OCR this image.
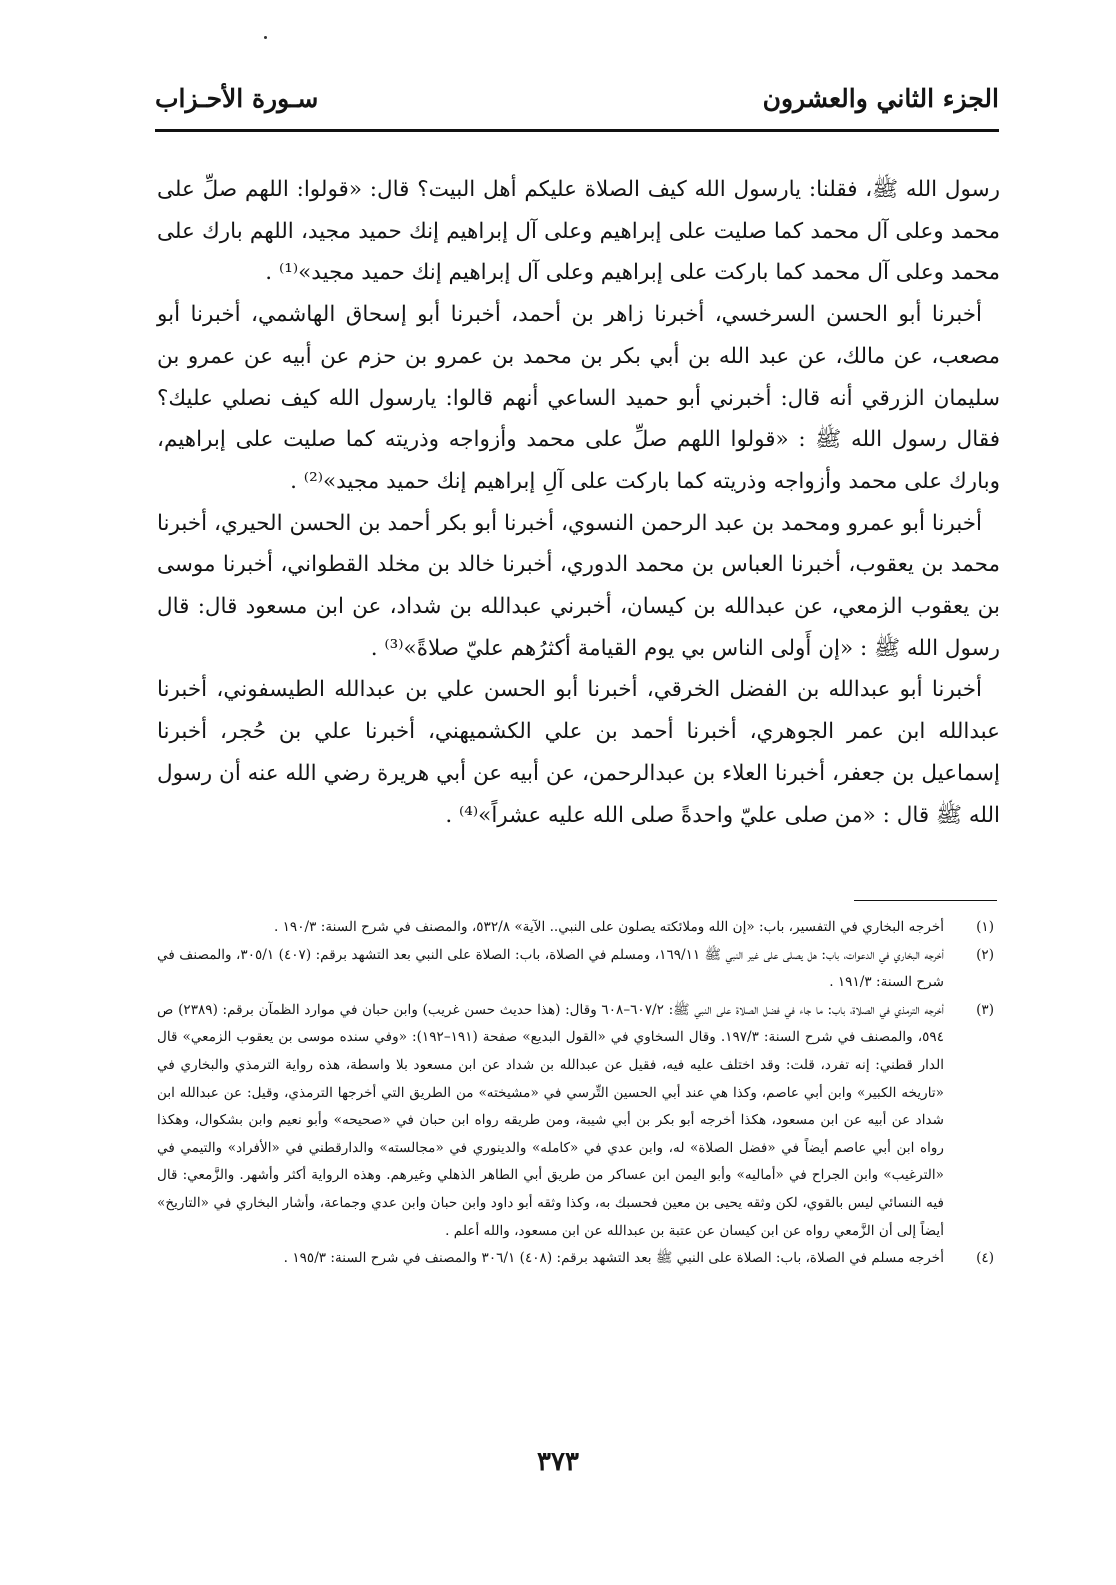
الجزء الثاني والعشرون
سـورة الأحـزاب

رسول الله ﷺ، فقلنا: يارسول الله كيف الصلاة عليكم أهل البيت؟ قال: «قولوا: اللهم صلِّ على محمد وعلى آل محمد كما صليت على إبراهيم وعلى آل إبراهيم إنك حميد مجيد، اللهم بارك على محمد وعلى آل محمد كما باركت على إبراهيم وعلى آل إبراهيم إنك حميد مجيد»⁽¹⁾ .

أخبرنا أبو الحسن السرخسي، أخبرنا زاهر بن أحمد، أخبرنا أبو إسحاق الهاشمي، أخبرنا أبو مصعب، عن مالك، عن عبد الله بن أبي بكر بن محمد بن عمرو بن حزم عن أبيه عن عمرو بن سليمان الزرقي أنه قال: أخبرني أبو حميد الساعي أنهم قالوا: يارسول الله كيف نصلي عليك؟ فقال رسول الله ﷺ : «قولوا اللهم صلِّ على محمد وأزواجه وذريته كما صليت على إبراهيم، وبارك على محمد وأزواجه وذريته كما باركت على آلِ إبراهيم إنك حميد مجيد»⁽²⁾ .

أخبرنا أبو عمرو ومحمد بن عبد الرحمن النسوي، أخبرنا أبو بكر أحمد بن الحسن الحيري، أخبرنا محمد بن يعقوب، أخبرنا العباس بن محمد الدوري، أخبرنا خالد بن مخلد القطواني، أخبرنا موسى بن يعقوب الزمعي، عن عبدالله بن كيسان، أخبرني عبدالله بن شداد، عن ابن مسعود قال: قال رسول الله ﷺ : «إن أَولى الناس بي يوم القيامة أكثرُهم عليّ صلاةً»⁽³⁾ .

أخبرنا أبو عبدالله بن الفضل الخرقي، أخبرنا أبو الحسن علي بن عبدالله الطيسفوني، أخبرنا عبدالله ابن عمر الجوهري، أخبرنا أحمد بن علي الكشميهني، أخبرنا علي بن حُجر، أخبرنا إسماعيل بن جعفر، أخبرنا العلاء بن عبدالرحمن، عن أبيه عن أبي هريرة رضي الله عنه أن رسول الله ﷺ قال : «من صلى عليّ واحدةً صلى الله عليه عشراً»⁽⁴⁾ .

(١)
أخرجه البخاري في التفسير، باب: «إن الله وملائكته يصلون على النبي.. الآية» ٥٣٢/٨، والمصنف في شرح السنة: ١٩٠/٣ .
(٢)
أخرجه البخاري في الدعوات، باب: هل يصلى على غير النبي ﷺ ١٦٩/١١، ومسلم في الصلاة، باب: الصلاة على النبي بعد التشهد برقم: (٤٠٧) ٣٠٥/١، والمصنف في شرح السنة: ١٩١/٣ .
(٣)
أخرجه الترمذي في الصلاة، باب: ما جاء في فضل الصلاة على النبي ﷺ: ٦٠٧/٢–٦٠٨ وقال: (هذا حديث حسن غريب) وابن حبان في موارد الظمآن برقم: (٢٣٨٩) ص ٥٩٤، والمصنف في شرح السنة: ١٩٧/٣. وقال السخاوي في «القول البديع» صفحة (١٩١–١٩٢): «وفي سنده موسى بن يعقوب الزمعي» قال الدار قطني: إنه تفرد، قلت: وقد اختلف عليه فيه، فقيل عن عبدالله بن شداد عن ابن مسعود بلا واسطة، هذه رواية الترمذي والبخاري في «تاريخه الكبير» وابن أبي عاصم، وكذا هي عند أبي الحسين التِّرسي في «مشيخته» من الطريق التي أخرجها الترمذي، وقيل: عن عبدالله ابن شداد عن أبيه عن ابن مسعود، هكذا أخرجه أبو بكر بن أبي شيبة، ومن طريقه رواه ابن حبان في «صحيحه» وأبو نعيم وابن بشكوال، وهكذا رواه ابن أبي عاصم أيضاً في «فضل الصلاة» له، وابن عدي في «كامله» والدينوري في «مجالسته» والدارقطني في «الأفراد» والتيمي في «الترغيب» وابن الجراح في «أماليه» وأبو اليمن ابن عساكر من طريق أبي الطاهر الذهلي وغيرهم. وهذه الرواية أكثر وأشهر. والزَّمعي: قال فيه النسائي ليس بالقوي، لكن وثقه يحيى بن معين فحسبك به، وكذا وثقه أبو داود وابن حبان وابن عدي وجماعة، وأشار البخاري في «التاريخ» أيضاً إلى أن الزَّمعي رواه عن ابن كيسان عن عتبة بن عبدالله عن ابن مسعود، والله أعلم .
(٤)
أخرجه مسلم في الصلاة، باب: الصلاة على النبي ﷺ بعد التشهد برقم: (٤٠٨) ٣٠٦/١ والمصنف في شرح السنة: ١٩٥/٣ .
٣٧٣
